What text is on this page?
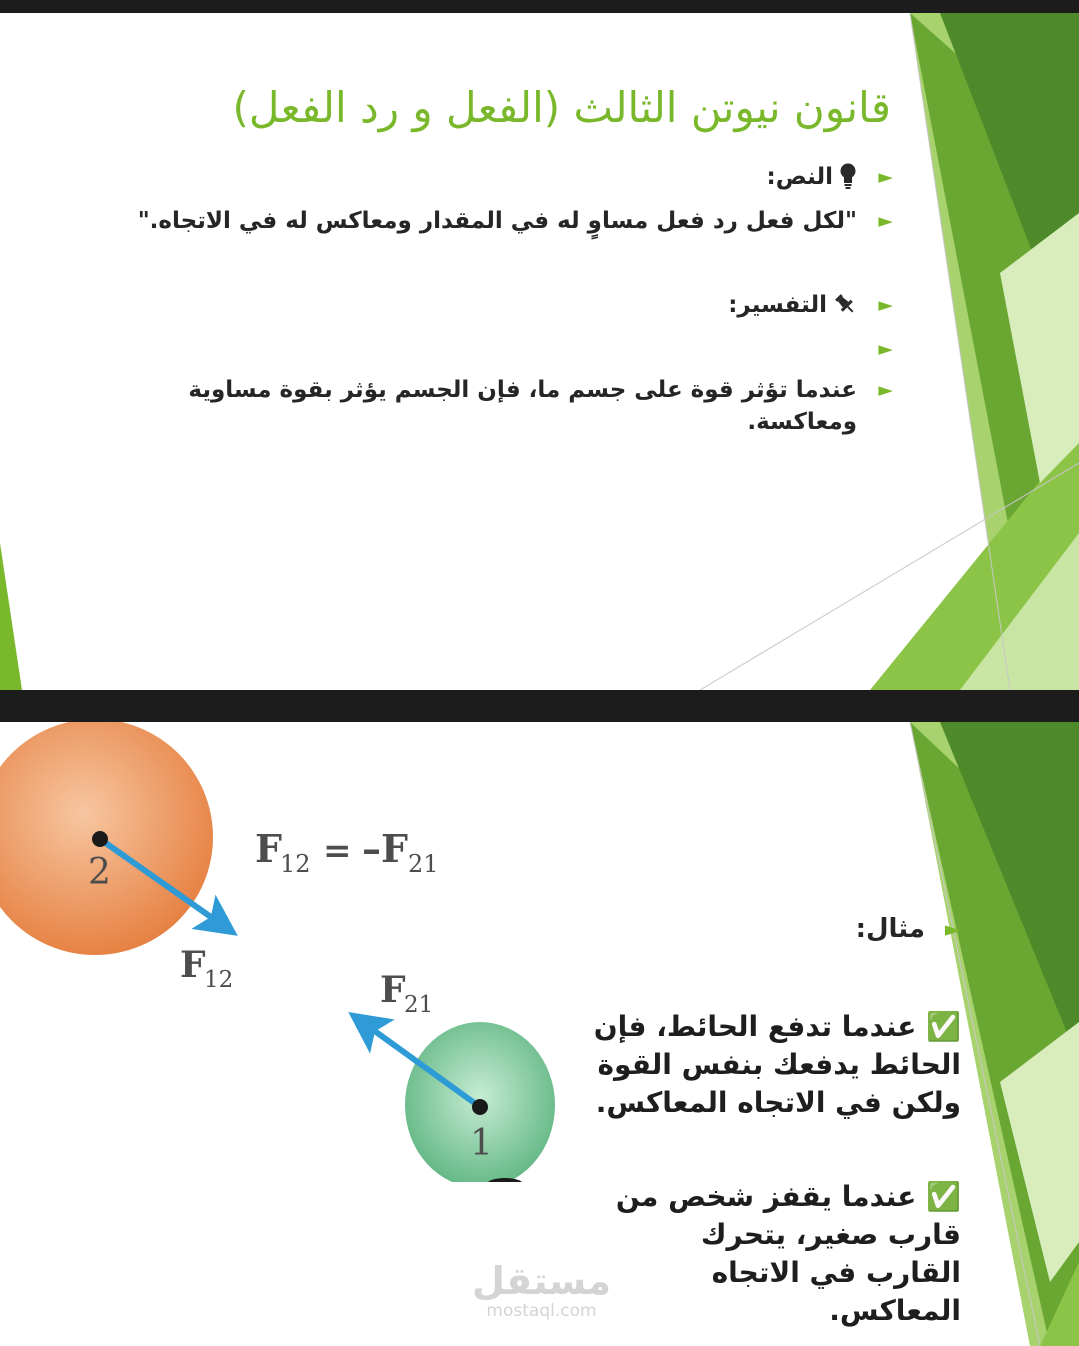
قانون نيوتن الثالث (الفعل و رد الفعل)
►
النص:
►
"لكل فعل رد فعل مساوٍ له في المقدار ومعاكس له في الاتجاه."
►
التفسير:
►

►
عندما تؤثر قوة على جسم ما، فإن الجسم يؤثر بقوة مساوية ومعاكسة.
2
1
F
12 = –F 21
F
12	F
21
►
مثال:

✅ عندما تدفع الحائط، فإن الحائط يدفعك بنفس القوة ولكن في الاتجاه المعاكس.

✅ عندما يقفز شخص من قارب صغير، يتحرك القارب في الاتجاه المعاكس.

مستقل
mostaql.com
